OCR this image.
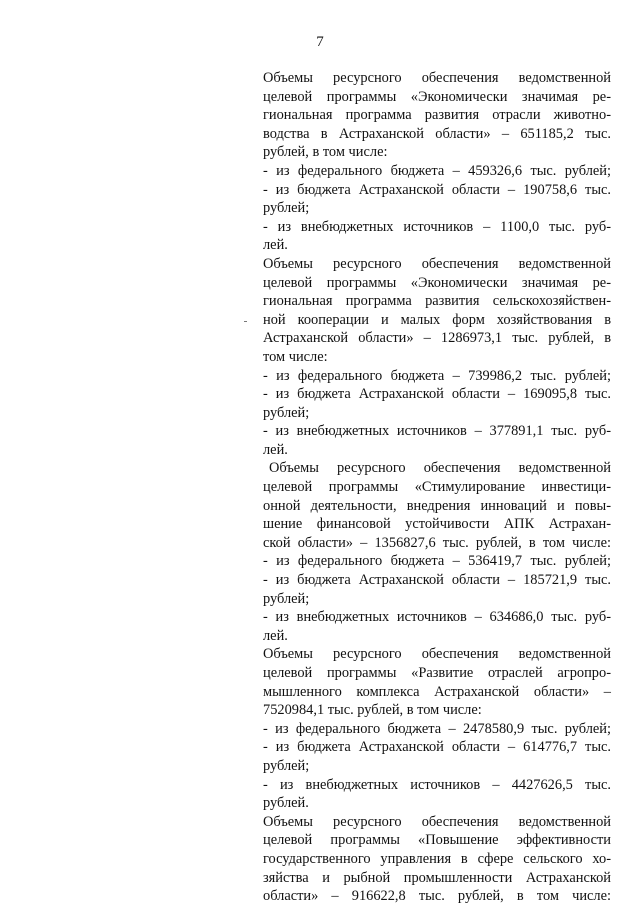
7
Объемы ресурсного обеспечения ведомственной
целевой программы «Экономически значимая ре-
гиональная программа развития отрасли животно-
водства в Астраханской области» – 651185,2 тыс.
рублей, в том числе:
- из федерального бюджета – 459326,6 тыс. рублей;
- из бюджета Астраханской области – 190758,6 тыс.
рублей;
- из внебюджетных источников – 1100,0 тыс. руб-
лей.
Объемы ресурсного обеспечения ведомственной
целевой программы «Экономически значимая ре-
гиональная программа развития сельскохозяйствен-
ной кооперации и малых форм хозяйствования в
Астраханской области» – 1286973,1 тыс. рублей, в
том числе:
- из федерального бюджета – 739986,2 тыс. рублей;
- из бюджета Астраханской области – 169095,8 тыс.
рублей;
- из внебюджетных источников – 377891,1 тыс. руб-
лей.
Объемы ресурсного обеспечения ведомственной
целевой программы «Стимулирование инвестици-
онной деятельности, внедрения инноваций и повы-
шение финансовой устойчивости АПК Астрахан-
ской области» – 1356827,6 тыс. рублей, в том числе:
- из федерального бюджета – 536419,7 тыс. рублей;
- из бюджета Астраханской области – 185721,9 тыс.
рублей;
- из внебюджетных источников – 634686,0 тыс. руб-
лей.
Объемы ресурсного обеспечения ведомственной
целевой программы «Развитие отраслей агропро-
мышленного комплекса Астраханской области» –
7520984,1 тыс. рублей, в том числе:
- из федерального бюджета – 2478580,9 тыс. рублей;
- из бюджета Астраханской области – 614776,7 тыс.
рублей;
- из внебюджетных источников – 4427626,5 тыс.
рублей.
Объемы ресурсного обеспечения ведомственной
целевой программы «Повышение эффективности
государственного управления в сфере сельского хо-
зяйства и рыбной промышленности Астраханской
области» – 916622,8 тыс. рублей, в том числе:
